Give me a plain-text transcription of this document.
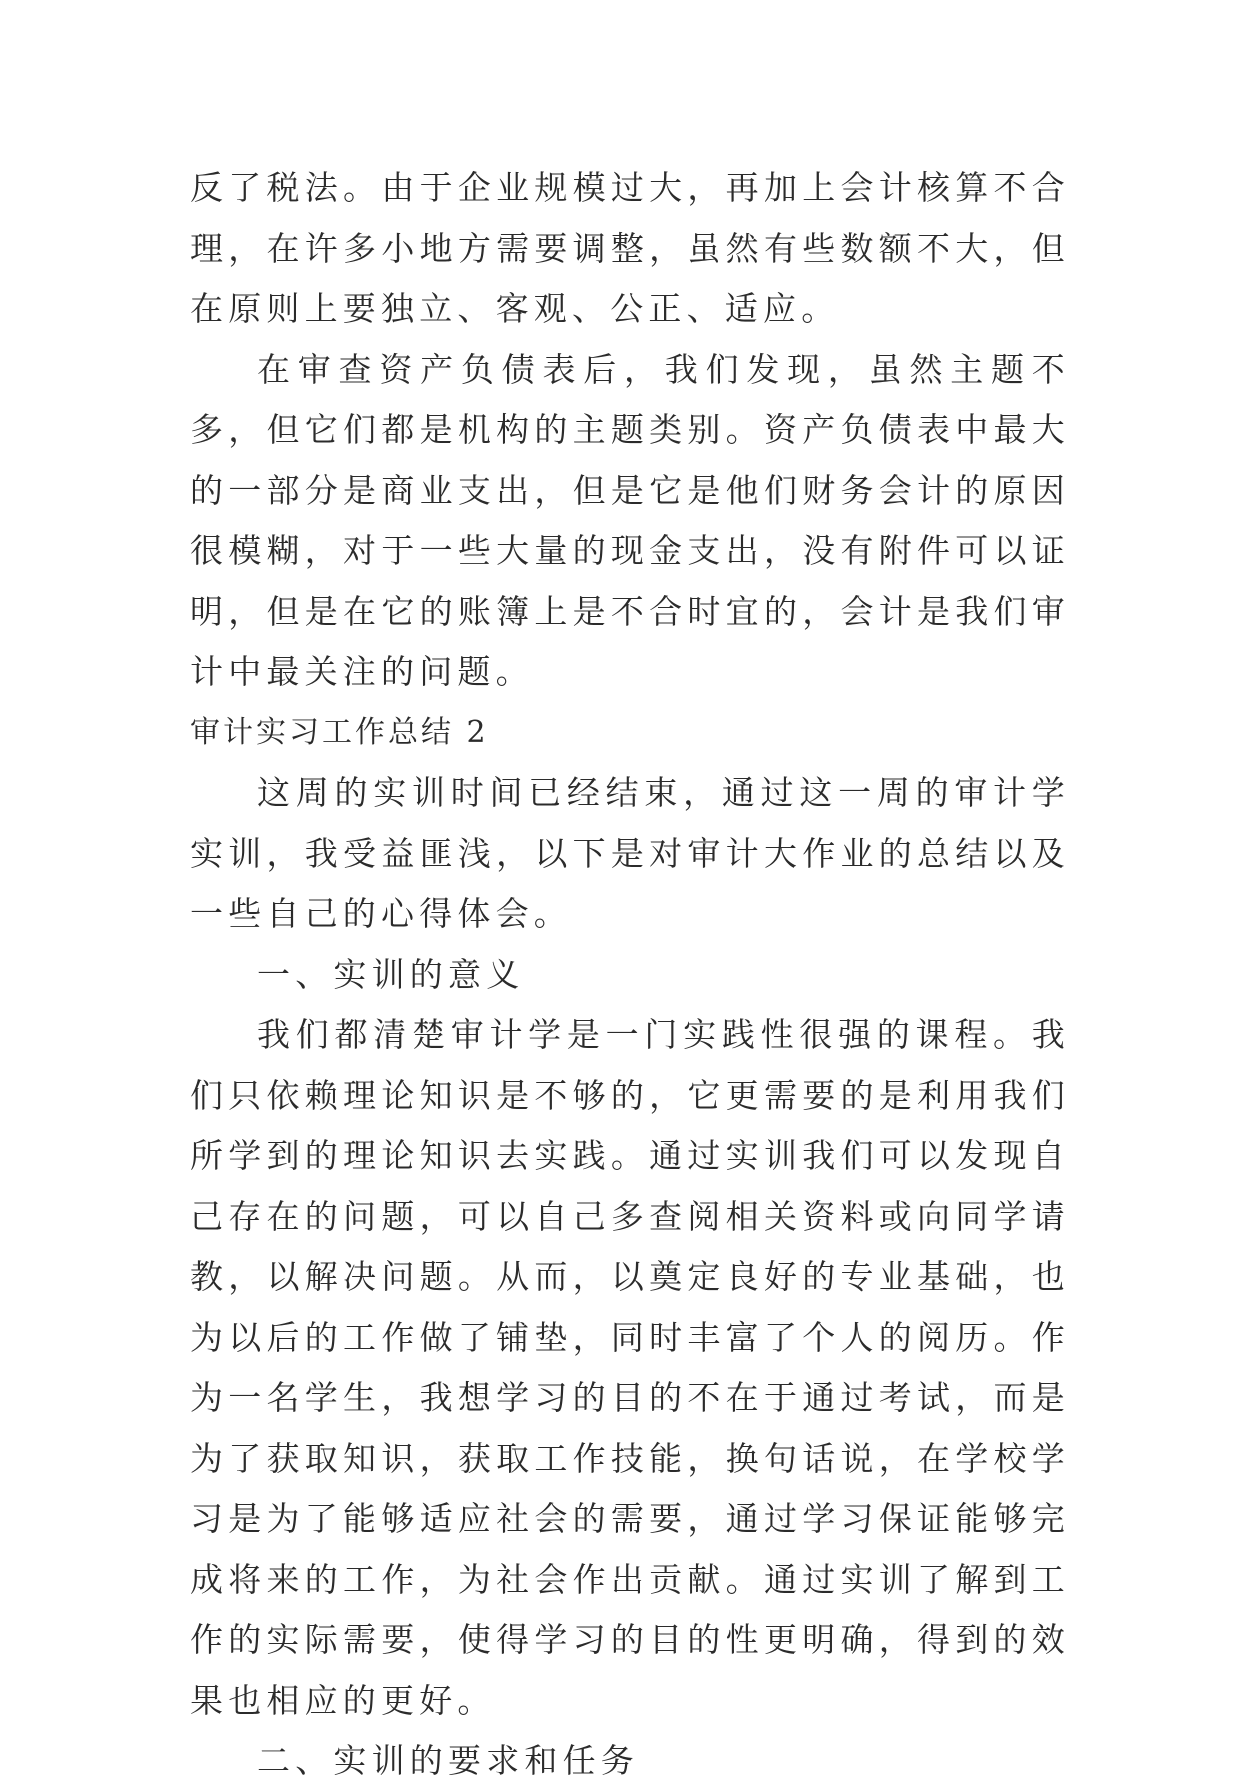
反了税法。由于企业规模过大，再加上会计核算不合理，在许多小地方需要调整，虽然有些数额不大，但在原则上要独立、客观、公正、适应。

在审查资产负债表后，我们发现，虽然主题不多，但它们都是机构的主题类别。资产负债表中最大的一部分是商业支出，但是它是他们财务会计的原因很模糊，对于一些大量的现金支出，没有附件可以证明，但是在它的账簿上是不合时宜的，会计是我们审计中最关注的问题。

审计实习工作总结 2

这周的实训时间已经结束，通过这一周的审计学实训，我受益匪浅，以下是对审计大作业的总结以及一些自己的心得体会。

一、实训的意义

我们都清楚审计学是一门实践性很强的课程。我们只依赖理论知识是不够的，它更需要的是利用我们所学到的理论知识去实践。通过实训我们可以发现自己存在的问题，可以自己多查阅相关资料或向同学请教，以解决问题。从而，以奠定良好的专业基础，也为以后的工作做了铺垫，同时丰富了个人的阅历。作为一名学生，我想学习的目的不在于通过考试，而是为了获取知识，获取工作技能，换句话说，在学校学习是为了能够适应社会的需要，通过学习保证能够完成将来的工作，为社会作出贡献。通过实训了解到工作的实际需要，使得学习的目的性更明确，得到的效果也相应的更好。

二、实训的要求和任务
